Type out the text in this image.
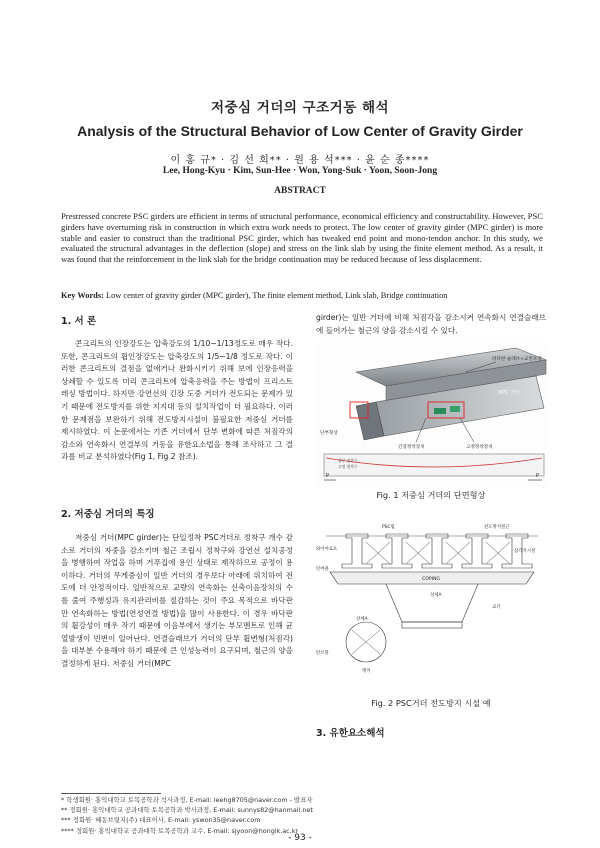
저중심 거더의 구조거동 해석
Analysis of the Structural Behavior of Low Center of Gravity Girder
이 홍 규* · 김 선 희** · 원 용 석*** · 윤 순 종****
Lee, Hong-Kyu · Kim, Sun-Hee · Won, Yong-Suk · Yoon, Soon-Jong
ABSTRACT
Prestressed concrete PSC girders are efficient in terms of structural performance, economical efficiency and constructability. However, PSC girders have overturning risk in construction in which extra work needs to protect. The low center of gravity girder (MPC girder) is more stable and easier to construct than the traditional PSC girder, which has tweaked end point and mono-tendon anchor. In this study, we evaluated the structural advantages in the deflection (slope) and stress on the link slab by using the finite element method. As a result, it was found that the reinforcement in the link slab for the bridge continuation may be reduced because of less displacement.
Key Words: Low center of gravity girder (MPC girder), The finite element method, Link slab, Bridge continuation
1. 서 론
콘크리트의 인장강도는 압축강도의 1/10~1/13정도로 매우 작다. 또한, 콘크리트의 휨인장강도는 압축강도의 1/5~1/8 정도로 작다. 이러한 콘크리트의 결점을 없애거나 완화시키기 위해 보에 인장응력을 상쇄할 수 있도록 미리 콘크리트에 압축응력을 주는 방법이 프리스트레싱 방법이다. 하지만 강연선의 긴장 도중 거더가 전도되는 문제가 있기 때문에 전도방지를 위한 지지대 등의 설치작업이 더 필요하다. 이러한 문제점을 보완하기 위해 전도방지시설이 불필요한 저중심 거더를 제시하였다. 이 논문에서는 기존 거더에서 단부 변화에 따른 처짐각의 감소와 연속화시 연결부의 거동을 유한요소법을 통해 조사하고 그 결과를 비교 분석하였다(Fig 1, Fig 2 참조).
2. 저중심 거더의 특징
저중심 거더(MPC girder)는 단일정착 PSC거더로 정착구 개수 감소로 거더의 자중을 감소키며 철근 조립시 정착구와 강연선 설치공정을 병행하여 작업을 하며 거푸집에 용인 상태로 제작하므로 공정이 용이하다. 거더의 무게중심이 일반 거더의 경우보다 아래에 위치하여 전도에 더 안정적이다. 일반적으로 교량의 연속화는 신축이음장치의 수를 줄여 주행성과 유지관리비를 절감하는 것이 주요 목적으로 바닥판만 연속화하는 방법(연성연결 방법)을 많이 사용한다. 이 경우 바닥판의 휨강성이 매우 작기 때문에 이음부에서 생기는 부모멘트로 인해 균열발생이 빈번이 일어난다. 연결슬래브가 거더의 단부 휨변형(처짐각)을 대부분 수용해야 하기 때문에 큰 인성능력이 요구되며, 철근의 양을 결정하게 된다. 저중심 거더(MPC
girder)는 일반 거더에 비해 처짐각을 감소시켜 연속화시 연결슬래브에 들어가는 철근의 양을 감소시킬 수 있다.
바닥판 슬래브+교면포장
MPC 거더
단부형상
긴장정착장치	고정정착장치
상부 정착구
고정 정착구
P	P
Fig. 1 저중심 거더의 단면형상
COPING
PSC빔	전도방지철근
와이어로프
턴버클
삼각지시설
상세A
교각
상세A
탄브볼
앵커
Fig. 2 PSC거더 전도방지 시설 예
3. 유한요소해석
* 학생회원· 홍익대학교 토목공학과 석사과정, E-mail: leehg8705@naver.com - 발표자
** 정회원· 홍익대학교 공과대학 토목공학과 박사과정, E-mail: sunnys82@hanmail.net
*** 정회원· 혜동브릿지(주) 대표이사, E-mail: yswon35@naver.com
**** 정회원· 홍익대학교 공과대학 토목공학과 교수, E-mail: sjyoon@hongik.ac.kr
- 93 -
